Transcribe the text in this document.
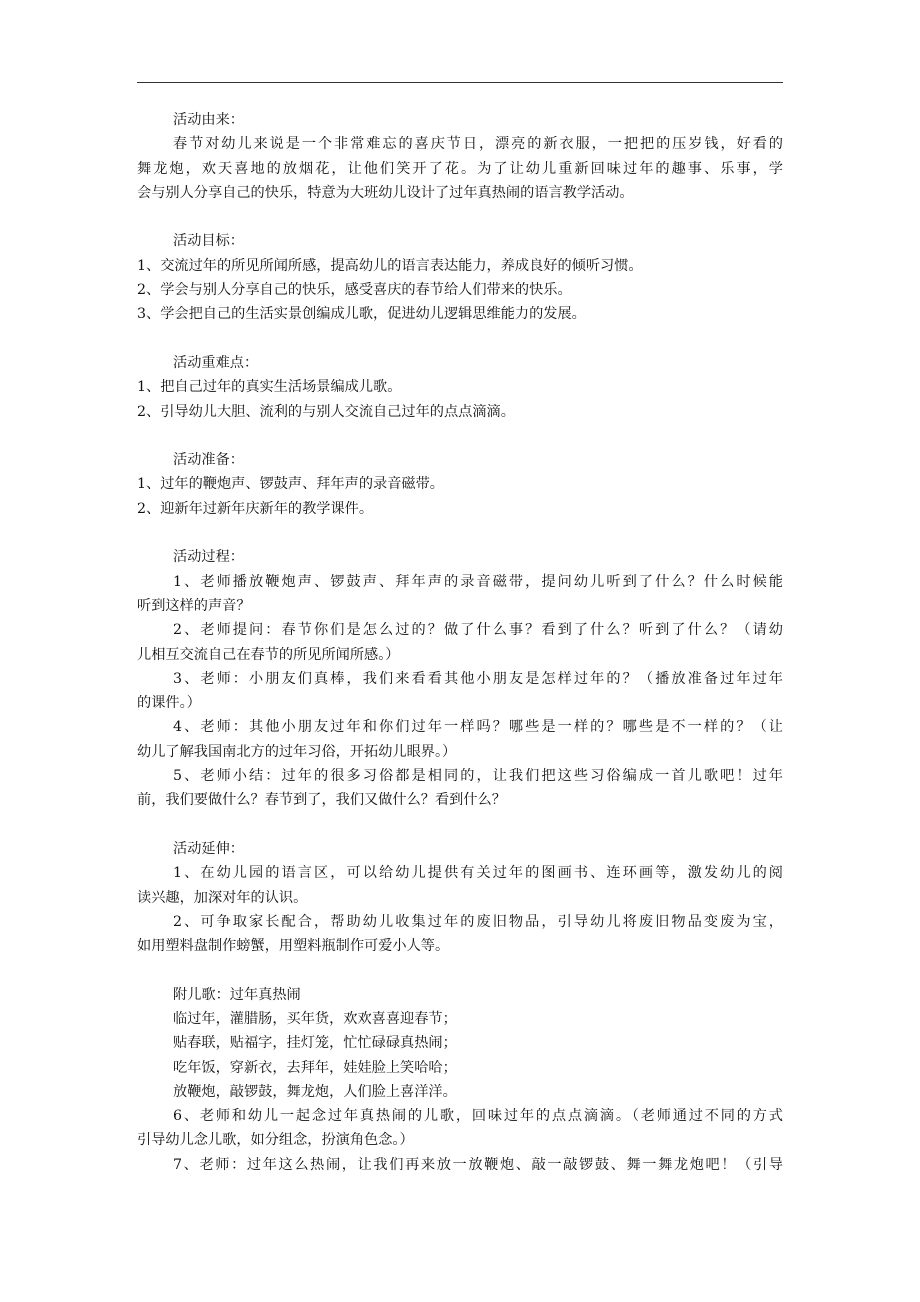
活动由来：
春节对幼儿来说是一个非常难忘的喜庆节日，漂亮的新衣服，一把把的压岁钱，好看的
舞龙炮，欢天喜地的放烟花，让他们笑开了花。为了让幼儿重新回味过年的趣事、乐事，学
会与别人分享自己的快乐，特意为大班幼儿设计了过年真热闹的语言教学活动。
活动目标：
1、交流过年的所见所闻所感，提高幼儿的语言表达能力，养成良好的倾听习惯。
2、学会与别人分享自己的快乐，感受喜庆的春节给人们带来的快乐。
3、学会把自己的生活实景创编成儿歌，促进幼儿逻辑思维能力的发展。
活动重难点：
1、把自己过年的真实生活场景编成儿歌。
2、引导幼儿大胆、流利的与别人交流自己过年的点点滴滴。
活动准备：
1、过年的鞭炮声、锣鼓声、拜年声的录音磁带。
2、迎新年过新年庆新年的教学课件。
活动过程：
1、老师播放鞭炮声、锣鼓声、拜年声的录音磁带，提问幼儿听到了什么？什么时候能
听到这样的声音？
2、老师提问：春节你们是怎么过的？做了什么事？看到了什么？听到了什么？（请幼
儿相互交流自己在春节的所见所闻所感。）
3、老师：小朋友们真棒，我们来看看其他小朋友是怎样过年的？（播放准备过年过年
的课件。）
4、老师：其他小朋友过年和你们过年一样吗？哪些是一样的？哪些是不一样的？（让
幼儿了解我国南北方的过年习俗，开拓幼儿眼界。）
5、老师小结：过年的很多习俗都是相同的，让我们把这些习俗编成一首儿歌吧！过年
前，我们要做什么？春节到了，我们又做什么？看到什么？
活动延伸：
1、在幼儿园的语言区，可以给幼儿提供有关过年的图画书、连环画等，激发幼儿的阅
读兴趣，加深对年的认识。
2、可争取家长配合，帮助幼儿收集过年的废旧物品，引导幼儿将废旧物品变废为宝，
如用塑料盘制作螃蟹，用塑料瓶制作可爱小人等。
附儿歌：过年真热闹
临过年，灌腊肠，买年货，欢欢喜喜迎春节；
贴春联，贴福字，挂灯笼，忙忙碌碌真热闹；
吃年饭，穿新衣，去拜年，娃娃脸上笑哈哈；
放鞭炮，敲锣鼓，舞龙炮，人们脸上喜洋洋。
6、老师和幼儿一起念过年真热闹的儿歌，回味过年的点点滴滴。（老师通过不同的方式
引导幼儿念儿歌，如分组念，扮演角色念。）
7、老师：过年这么热闹，让我们再来放一放鞭炮、敲一敲锣鼓、舞一舞龙炮吧！（引导
